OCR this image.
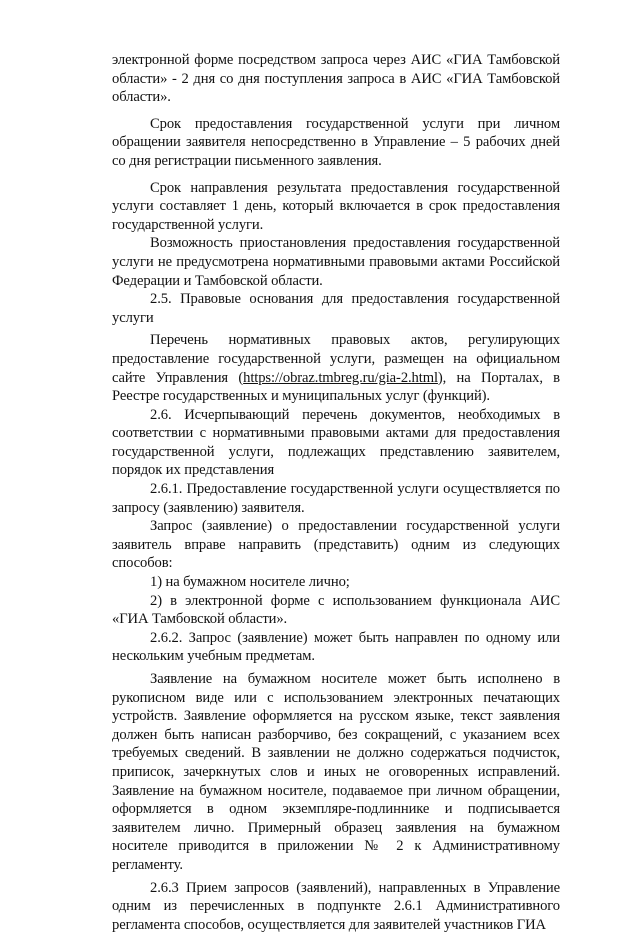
электронной форме посредством запроса через АИС «ГИА Тамбовской области» - 2 дня со дня поступления запроса в АИС «ГИА Тамбовской области».

Срок предоставления государственной услуги при личном обращении заявителя непосредственно в Управление – 5 рабочих дней со дня регистрации письменного заявления.

Срок направления результата предоставления государственной услуги составляет 1 день, который включается в срок предоставления государственной услуги.

Возможность приостановления предоставления государственной услуги не предусмотрена нормативными правовыми актами Российской Федерации и Тамбовской области.

2.5. Правовые основания для предоставления государственной услуги

Перечень нормативных правовых актов, регулирующих предоставление государственной услуги, размещен на официальном сайте Управления (https://obraz.tmbreg.ru/gia-2.html), на Порталах, в Реестре государственных и муниципальных услуг (функций).

2.6. Исчерпывающий перечень документов, необходимых в соответствии с нормативными правовыми актами для предоставления государственной услуги, подлежащих представлению заявителем, порядок их представления

2.6.1. Предоставление государственной услуги осуществляется по запросу (заявлению) заявителя.

Запрос (заявление) о предоставлении государственной услуги заявитель вправе направить (представить) одним из следующих способов:

1) на бумажном носителе лично;

2) в электронной форме с использованием функционала АИС «ГИА Тамбовской области».

2.6.2. Запрос (заявление) может быть направлен по одному или нескольким учебным предметам.

Заявление на бумажном носителе может быть исполнено в рукописном виде или с использованием электронных печатающих устройств. Заявление оформляется на русском языке, текст заявления должен быть написан разборчиво, без сокращений, с указанием всех требуемых сведений. В заявлении не должно содержаться подчисток, приписок, зачеркнутых слов и иных не оговоренных исправлений. Заявление на бумажном носителе, подаваемое при личном обращении, оформляется в одном экземпляре-подлиннике и подписывается заявителем лично. Примерный образец заявления на бумажном носителе приводится в приложении № 2 к Административному регламенту.

2.6.3 Прием запросов (заявлений), направленных в Управление одним из перечисленных в подпункте 2.6.1 Административного регламента способов, осуществляется для заявителей участников ГИА
